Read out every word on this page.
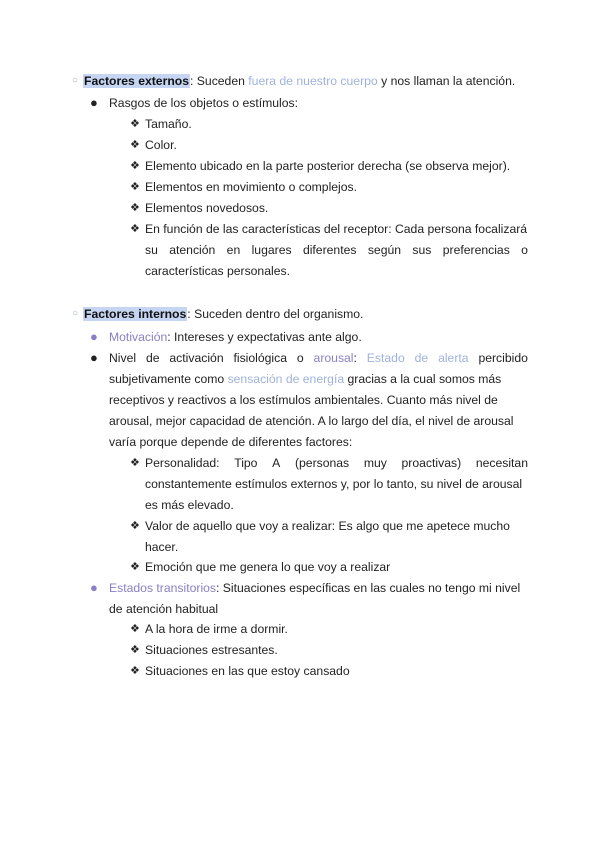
○ Factores externos: Suceden fuera de nuestro cuerpo y nos llaman la atención.
● Rasgos de los objetos o estímulos:
❖ Tamaño.
❖ Color.
❖ Elemento ubicado en la parte posterior derecha (se observa mejor).
❖ Elementos en movimiento o complejos.
❖ Elementos novedosos.
❖ En función de las características del receptor: Cada persona focalizará
su atención en lugares diferentes según sus preferencias o
características personales.
○ Factores internos: Suceden dentro del organismo.
● Motivación: Intereses y expectativas ante algo.
● Nivel de activación fisiológica o arousal: Estado de alerta percibido
subjetivamente como sensación de energía gracias a la cual somos más
receptivos y reactivos a los estímulos ambientales. Cuanto más nivel de
arousal, mejor capacidad de atención. A lo largo del día, el nivel de arousal
varía porque depende de diferentes factores:
❖ Personalidad: Tipo A (personas muy proactivas) necesitan
constantemente estímulos externos y, por lo tanto, su nivel de arousal
es más elevado.
❖ Valor de aquello que voy a realizar: Es algo que me apetece mucho
hacer.
❖ Emoción que me genera lo que voy a realizar
● Estados transitorios: Situaciones específicas en las cuales no tengo mi nivel
de atención habitual
❖ A la hora de irme a dormir.
❖ Situaciones estresantes.
❖ Situaciones en las que estoy cansado
